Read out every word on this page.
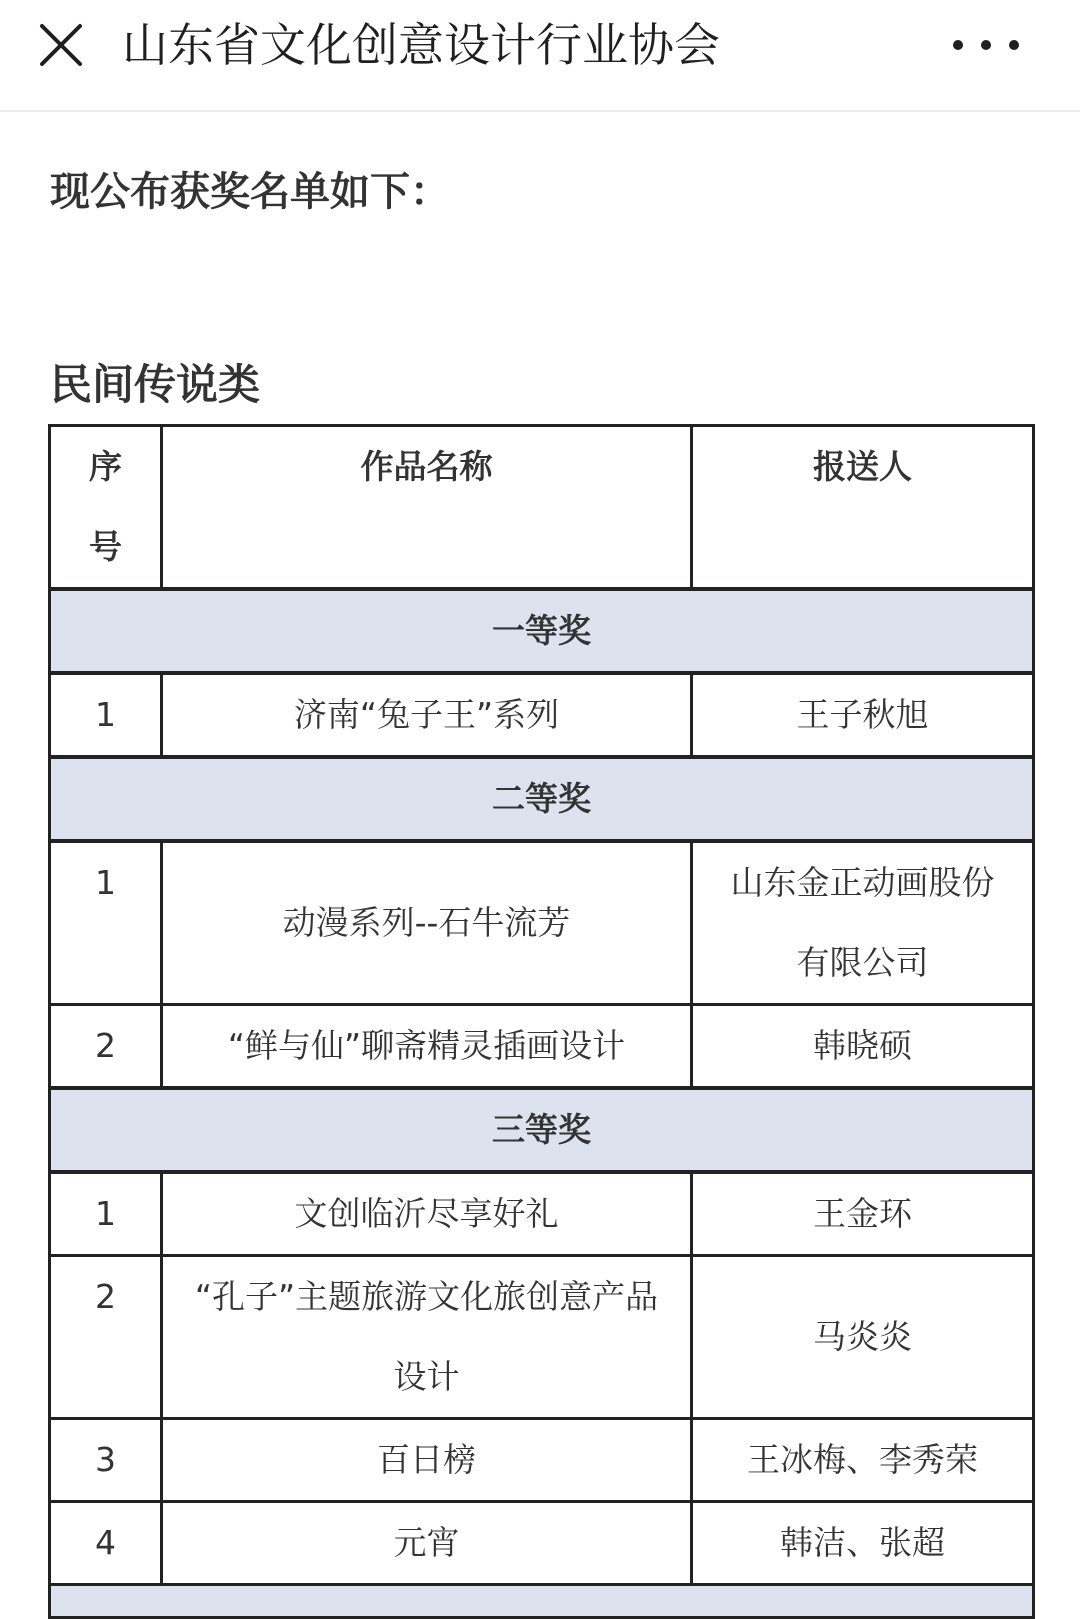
山东省文化创意设计行业协会
现公布获奖名单如下：
民间传说类
序号	作品名称	报送人
一等奖		
1	济南“兔子王”系列	王子秋旭
二等奖		
1	动漫系列--石牛流芳	山东金正动画股份有限公司
2	“鲜与仙”聊斋精灵插画设计	韩晓硕
三等奖		
1	文创临沂尽享好礼	王金环
2	“孔子”主题旅游文化旅创意产品设计	马炎炎
3	百日榜	王冰梅、李秀荣
4	元宵	韩洁、张超
